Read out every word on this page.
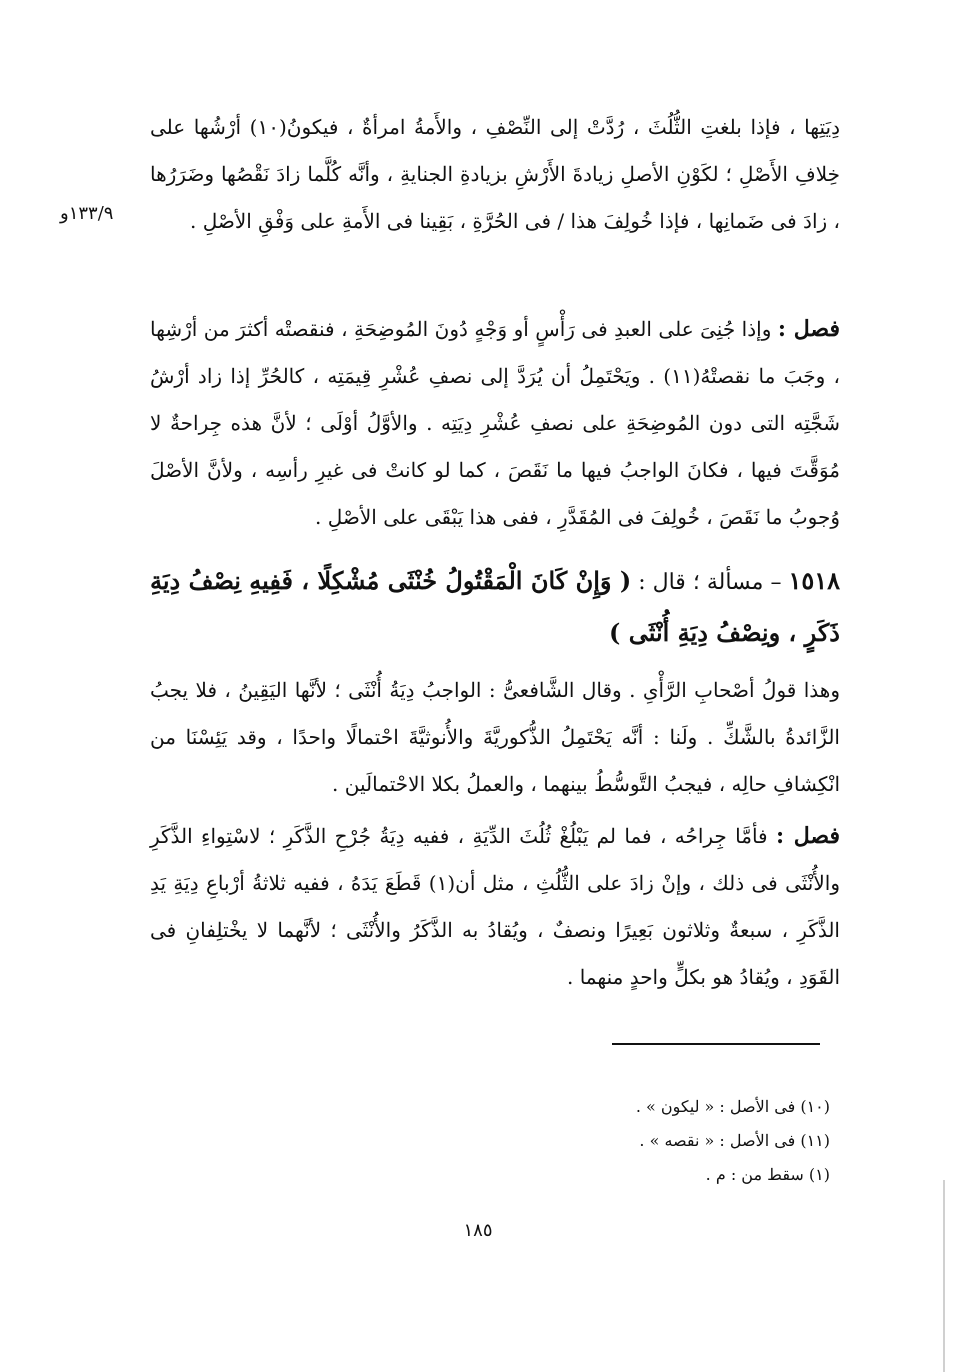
١٣٣/٩و

دِيَتِها ، فإذا بلغتِ الثُّلُثَ ، رُدَّتْ إلى النِّصْفِ ، والأَمةُ امرأةٌ ، فيكونُ(١٠) أرْشُها على خِلافِ الأَصْلِ ؛ لكَوْنِ الأصلِ زيادةَ الأَرْشِ بزيادةِ الجنايةِ ، وأنَّه كُلَّما زادَ نَقْصُها وضَرَرُها ، زادَ فى ضَمانِها ، فإذا خُولِفَ هذا / فى الحُرَّةِ ، بَقِينا فى الأَمةِ على وَفْقِ الأصْلِ .

فصل : وإذا جُنِىَ على العبدِ فى رَأْسٍ أو وَجْهٍ دُونَ المُوضِحَةِ ، فنقصتْه أكثرَ من أرْشِها ، وجَبَ ما نقصتْهُ(١١) . ويَحْتَمِلُ أن يُرَدَّ إلى نصفِ عُشْرِ قِيمَتِه ، كالحُرِّ إذا زاد أرْشُ شَجَّتِه التى دون المُوضِحَةِ على نصفِ عُشْرِ دِيَتِه . والأوَّلُ أوْلَى ؛ لأنَّ هذه جِراحةٌ لا مُوَقَّتَ فيها ، فكانَ الواجبُ فيها ما نَقَصَ ، كما لو كانتْ فى غيرِ رأسِه ، ولأنَّ الأصْلَ وُجوبُ ما نَقَصَ ، خُولِفَ فى المُقَدَّرِ ، ففى هذا يَبْقَى على الأصْلِ .

١٥١٨ – مسألة ؛ قال : ( وَإِنْ كَانَ الْمَقْتُولُ خُنْثَى مُشْكِلًا ، فَفِيهِ نِصْفُ دِيَةِ ذَكَرٍ ، ونِصْفُ دِيَةِ أُنْثَى )

وهذا قولُ أصْحابِ الرَّأْىِ . وقال الشَّافعىُّ : الواجبُ دِيَةُ أُنْثَى ؛ لأنَّها اليَقِينُ ، فلا يجبُ الزَّائدةُ بالشَّكِّ . ولَنا : أنَّه يَحْتَمِلُ الذُّكوريَّةَ والأُنوثيَّةَ احْتمالًا واحدًا ، وقد يَئِسْنَا من انْكِشافِ حالِه ، فيجبُ التَّوسُّطُ بينهما ، والعملُ بكلا الاحْتمالَين .

فصل : فأمَّا جِراحُه ، فما لم يَبْلُغْ ثُلُثَ الدِّيَةِ ، ففيه دِيَةُ جُرْحِ الذَّكَرِ ؛ لاسْتِواءِ الذَّكَرِ والأُنْثَى فى ذلك ، وإنْ زادَ على الثُّلُثِ ، مثل أن(١) قَطَعَ يَدَهُ ، ففيه ثلاثةُ أرْباعِ دِيَةِ يَدِ الذَّكَرِ ، سبعةٌ وثلاثون بَعِيرًا ونصفٌ ، ويُقادُ به الذَّكَرُ والأُنْثَى ؛ لأنَّهما لا يخْتلِفانِ فى القَوَدِ ، ويُقادُ هو بكلٍّ واحدٍ منهما .

(١٠) فى الأصل : « ليكون » .

(١١) فى الأصل : « نقصه » .

(١) سقط من : م .

١٨٥
